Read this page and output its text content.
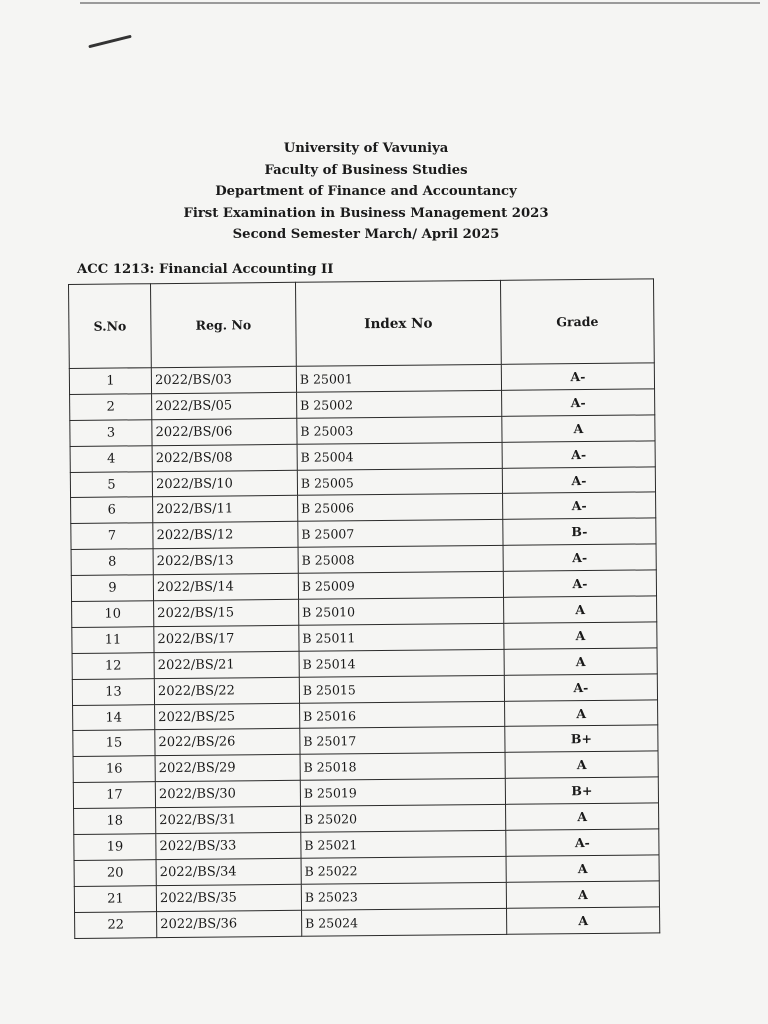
University of Vavuniya
Faculty of Business Studies
Department of Finance and Accountancy
First Examination in Business Management 2023
Second Semester March/ April 2025
ACC 1213: Financial Accounting II
S.No	Reg. No	Index No	Grade
1	2022/BS/03	B 25001	A-
2	2022/BS/05	B 25002	A-
3	2022/BS/06	B 25003	A
4	2022/BS/08	B 25004	A-
5	2022/BS/10	B 25005	A-
6	2022/BS/11	B 25006	A-
7	2022/BS/12	B 25007	B-
8	2022/BS/13	B 25008	A-
9	2022/BS/14	B 25009	A-
10	2022/BS/15	B 25010	A
11	2022/BS/17	B 25011	A
12	2022/BS/21	B 25014	A
13	2022/BS/22	B 25015	A-
14	2022/BS/25	B 25016	A
15	2022/BS/26	B 25017	B+
16	2022/BS/29	B 25018	A
17	2022/BS/30	B 25019	B+
18	2022/BS/31	B 25020	A
19	2022/BS/33	B 25021	A-
20	2022/BS/34	B 25022	A
21	2022/BS/35	B 25023	A
22	2022/BS/36	B 25024	A
